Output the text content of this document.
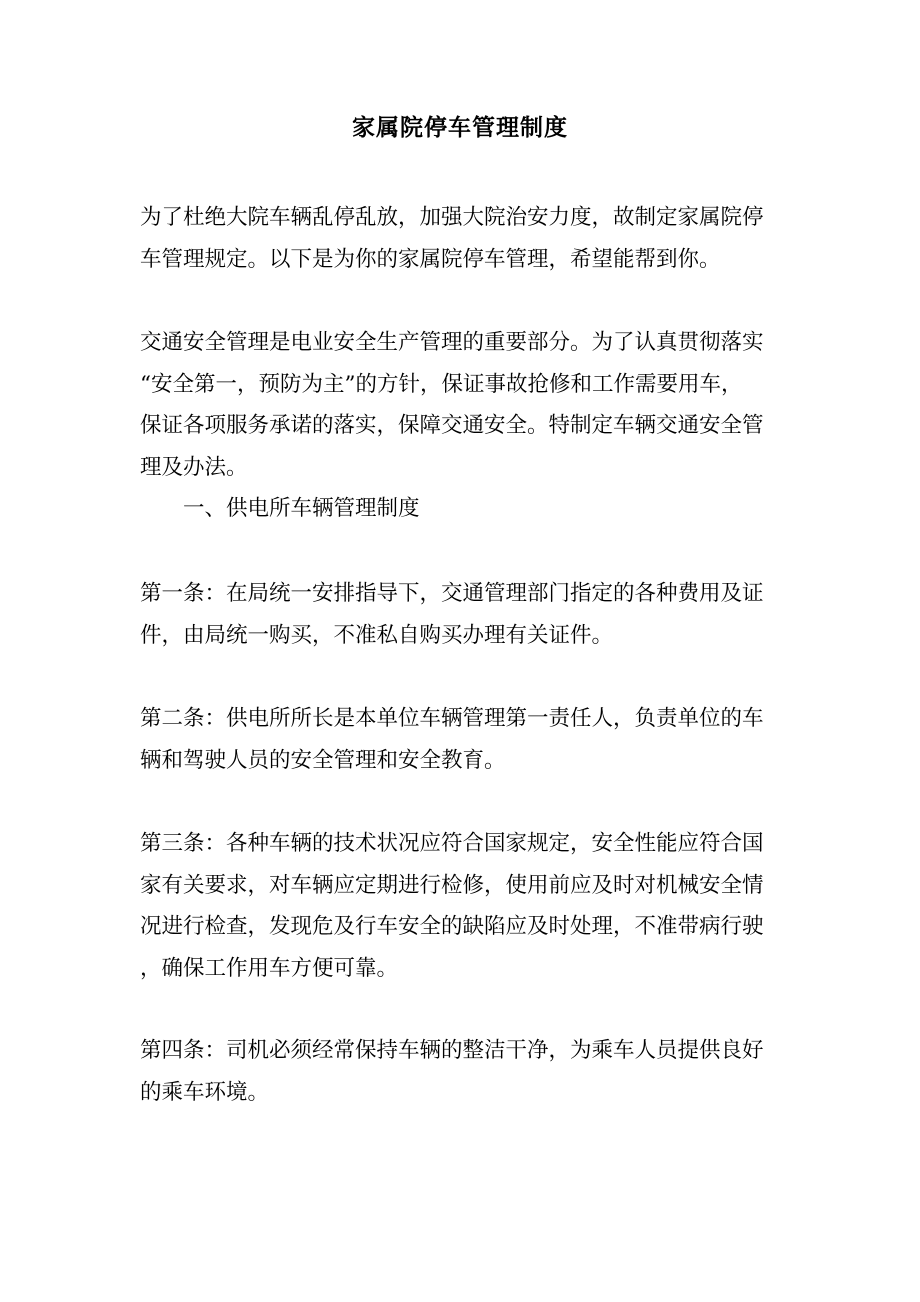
家属院停车管理制度

为了杜绝大院车辆乱停乱放，加强大院治安力度，故制定家属院停
车管理规定。以下是为你的家属院停车管理，希望能帮到你。

交通安全管理是电业安全生产管理的重要部分。为了认真贯彻落实
“安全第一，预防为主”的方针，保证事故抢修和工作需要用车，
保证各项服务承诺的落实，保障交通安全。特制定车辆交通安全管
理及办法。

一、供电所车辆管理制度

第一条：在局统一安排指导下，交通管理部门指定的各种费用及证
件，由局统一购买，不准私自购买办理有关证件。

第二条：供电所所长是本单位车辆管理第一责任人，负责单位的车
辆和驾驶人员的安全管理和安全教育。

第三条：各种车辆的技术状况应符合国家规定，安全性能应符合国
家有关要求，对车辆应定期进行检修，使用前应及时对机械安全情
况进行检查，发现危及行车安全的缺陷应及时处理，不准带病行驶
，确保工作用车方便可靠。

第四条：司机必须经常保持车辆的整洁干净，为乘车人员提供良好
的乘车环境。
